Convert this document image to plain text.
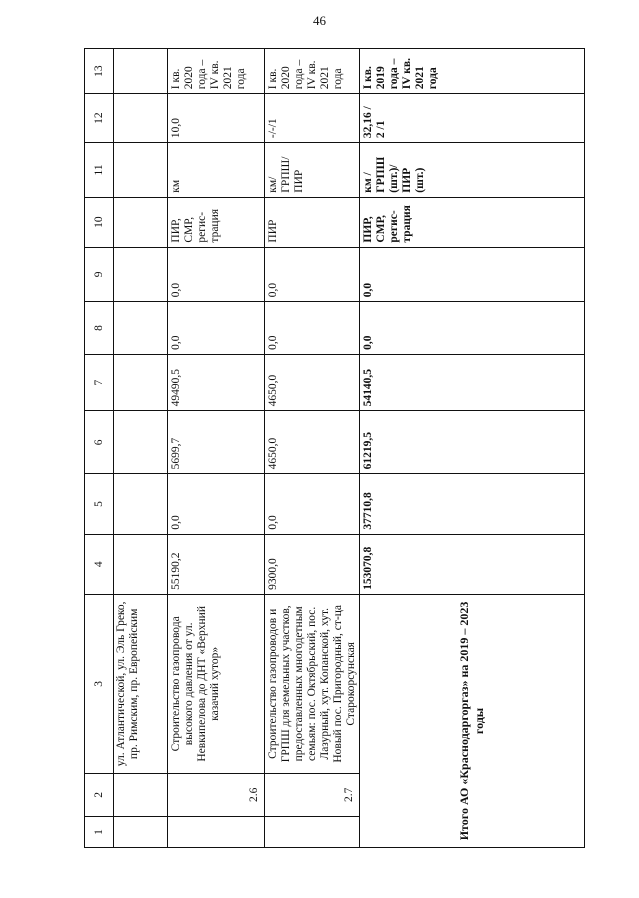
46
1
2
3
4
5
6
7
8
9
10
11
12
13
ул. Атлантической, ул. Эль Греко, пр. Римским, пр. Европейским
2.6
Строительство газопровода высокого давления от ул. Невкипелова до ДНТ «Верхний казачий хутор»
55190,2
0,0
5699,7
49490,5
0,0
0,0
ПИР, СМР, регис-трация
км
10,0
I кв. 2020 года – IV кв. 2021 года
2.7
Строительство газопроводов и ГРПШ для земельных участков, предоставленных многодетным семьям: пос. Октябрьский, пос. Лазурный, хут. Копанской, хут. Новый пос. Пригородный, ст-ца Старокорсунская
9300,0
0,0
4650,0
4650,0
0,0
0,0
ПИР
км/ ГРПШ/ ПИР
-/-/1
I кв. 2020 года – IV кв. 2021 года
Итого АО «Краснодаргоргаз» на 2019 – 2023 годы
153070,8
37710,8
61219,5
54140,5
0,0
0,0
ПИР, СМР, регис-трация
км / ГРПШ (шт.)/ ПИР (шт.)
32,16 / 2 /1
I кв. 2019 года – IV кв. 2021 года
